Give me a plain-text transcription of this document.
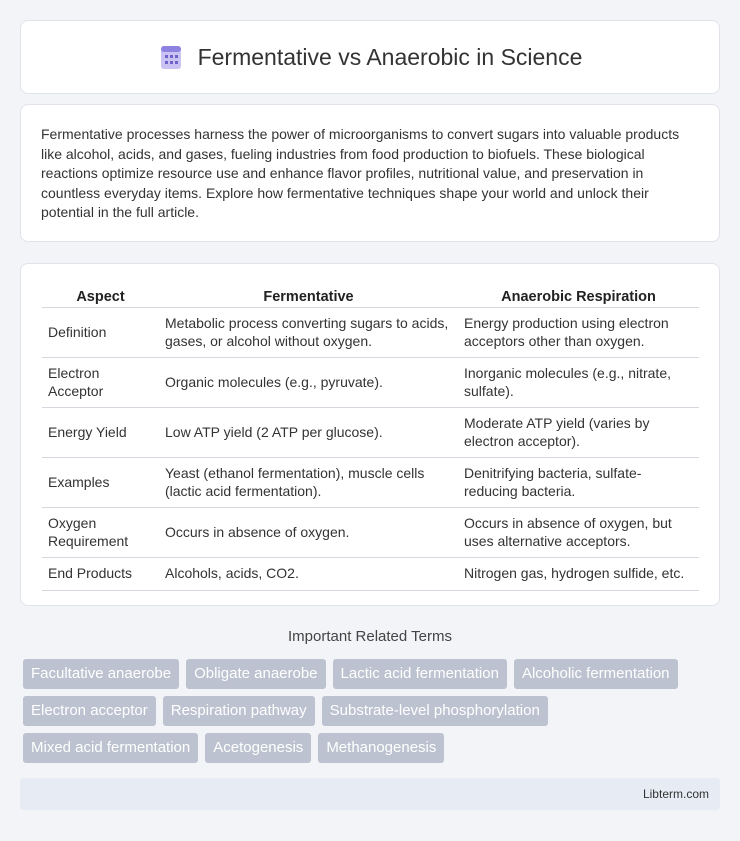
Fermentative vs Anaerobic in Science

Fermentative processes harness the power of microorganisms to convert sugars into valuable products like alcohol, acids, and gases, fueling industries from food production to biofuels. These biological reactions optimize resource use and enhance flavor profiles, nutritional value, and preservation in countless everyday items. Explore how fermentative techniques shape your world and unlock their potential in the full article.

Aspect	Fermentative	Anaerobic Respiration
Definition	Metabolic process converting sugars to acids, gases, or alcohol without oxygen.	Energy production using electron acceptors other than oxygen.
Electron Acceptor	Organic molecules (e.g., pyruvate).	Inorganic molecules (e.g., nitrate, sulfate).
Energy Yield	Low ATP yield (2 ATP per glucose).	Moderate ATP yield (varies by electron acceptor).
Examples	Yeast (ethanol fermentation), muscle cells (lactic acid fermentation).	Denitrifying bacteria, sulfate-reducing bacteria.
Oxygen Requirement	Occurs in absence of oxygen.	Occurs in absence of oxygen, but uses alternative acceptors.
End Products	Alcohols, acids, CO2.	Nitrogen gas, hydrogen sulfide, etc.
Important Related Terms
Facultative anaerobe	Obligate anaerobe	Lactic acid fermentation	Alcoholic fermentation
Electron acceptor	Respiration pathway	Substrate-level phosphorylation
Mixed acid fermentation	Acetogenesis	Methanogenesis
Libterm.com
